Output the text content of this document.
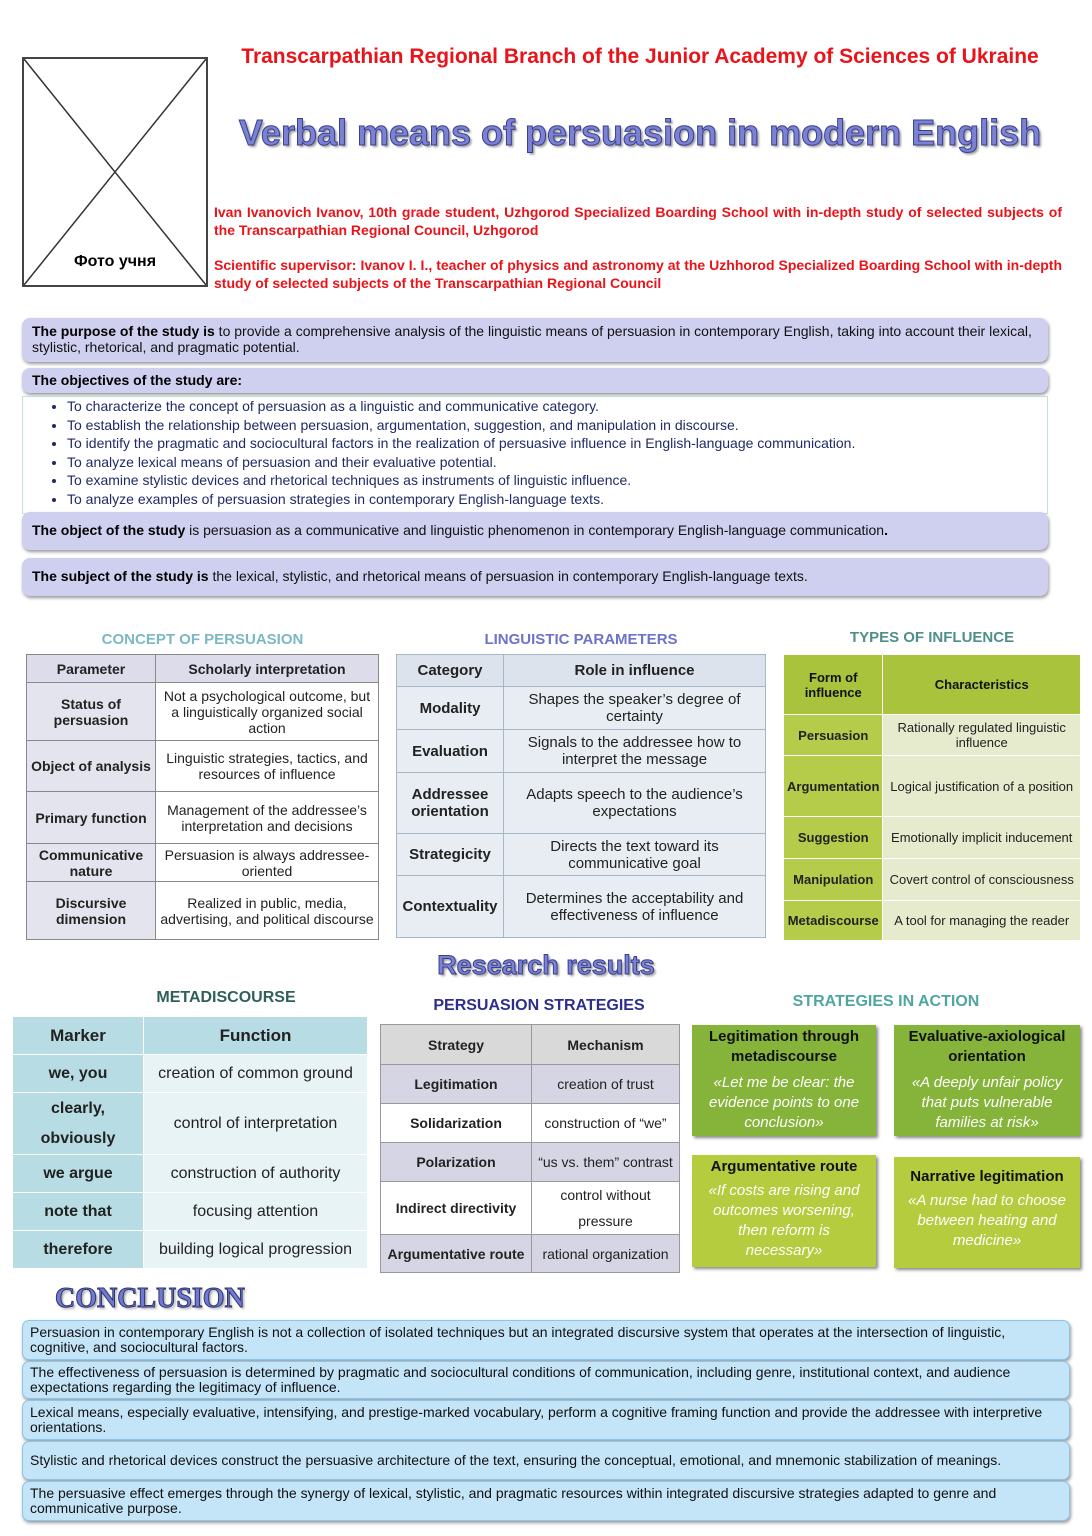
Фото учня
Transcarpathian Regional Branch of the Junior Academy of Sciences of Ukraine
Verbal means of persuasion in modern English
Ivan Ivanovich Ivanov, 10th grade student, Uzhgorod Specialized Boarding School with in-depth study of selected subjects of the Transcarpathian Regional Council, Uzhgorod
Scientific supervisor: Ivanov I. I., teacher of physics and astronomy at the Uzhhorod Specialized Boarding School with in-depth study of selected subjects of the Transcarpathian Regional Council
The purpose of the study is to provide a comprehensive analysis of the linguistic means of persuasion in contemporary English, taking into account their lexical, stylistic, rhetorical, and pragmatic potential.
The objectives of the study are:
• To characterize the concept of persuasion as a linguistic and communicative category.
• To establish the relationship between persuasion, argumentation, suggestion, and manipulation in discourse.
• To identify the pragmatic and sociocultural factors in the realization of persuasive influence in English-language communication.
• To analyze lexical means of persuasion and their evaluative potential.
• To examine stylistic devices and rhetorical techniques as instruments of linguistic influence.
• To analyze examples of persuasion strategies in contemporary English-language texts.
The object of the study is persuasion as a communicative and linguistic phenomenon in contemporary English-language communication.
The subject of the study is the lexical, stylistic, and rhetorical means of persuasion in contemporary English-language texts.
CONCEPT OF PERSUASION
Parameter	Scholarly interpretation
Status of persuasion	Not a psychological outcome, but a linguistically organized social action
Object of analysis	Linguistic strategies, tactics, and resources of influence
Primary function	Management of the addressee’s interpretation and decisions
Communicative nature	Persuasion is always addressee-oriented
Discursive dimension	Realized in public, media, advertising, and political discourse
LINGUISTIC PARAMETERS
Category	Role in influence
Modality	Shapes the speaker’s degree of certainty
Evaluation	Signals to the addressee how to interpret the message
Addressee orientation	Adapts speech to the audience’s expectations
Strategicity	Directs the text toward its communicative goal
Contextuality	Determines the acceptability and effectiveness of influence
TYPES OF INFLUENCE
Form of influence	Characteristics
Persuasion	Rationally regulated linguistic influence
Argumentation	Logical justification of a position
Suggestion	Emotionally implicit inducement
Manipulation	Covert control of consciousness
Metadiscourse	A tool for managing the reader
Research results
METADISCOURSE
Marker	Function
we, you	creation of common ground
clearly, obviously	control of interpretation
we argue	construction of authority
note that	focusing attention
therefore	building logical progression
PERSUASION STRATEGIES
Strategy	Mechanism
Legitimation	creation of trust
Solidarization	construction of “we”
Polarization	“us vs. them” contrast
Indirect directivity	control without pressure
Argumentative route	rational organization
STRATEGIES IN ACTION
Legitimation through metadiscourse
«Let me be clear: the evidence points to one conclusion»
Evaluative-axiological orientation
«A deeply unfair policy that puts vulnerable families at risk»
Argumentative route
«If costs are rising and outcomes worsening, then reform is necessary»
Narrative legitimation
«A nurse had to choose between heating and medicine»
CONCLUSION
Persuasion in contemporary English is not a collection of isolated techniques but an integrated discursive system that operates at the intersection of linguistic, cognitive, and sociocultural factors.
The effectiveness of persuasion is determined by pragmatic and sociocultural conditions of communication, including genre, institutional context, and audience expectations regarding the legitimacy of influence.
Lexical means, especially evaluative, intensifying, and prestige-marked vocabulary, perform a cognitive framing function and provide the addressee with interpretive orientations.
Stylistic and rhetorical devices construct the persuasive architecture of the text, ensuring the conceptual, emotional, and mnemonic stabilization of meanings.
The persuasive effect emerges through the synergy of lexical, stylistic, and pragmatic resources within integrated discursive strategies adapted to genre and communicative purpose.
